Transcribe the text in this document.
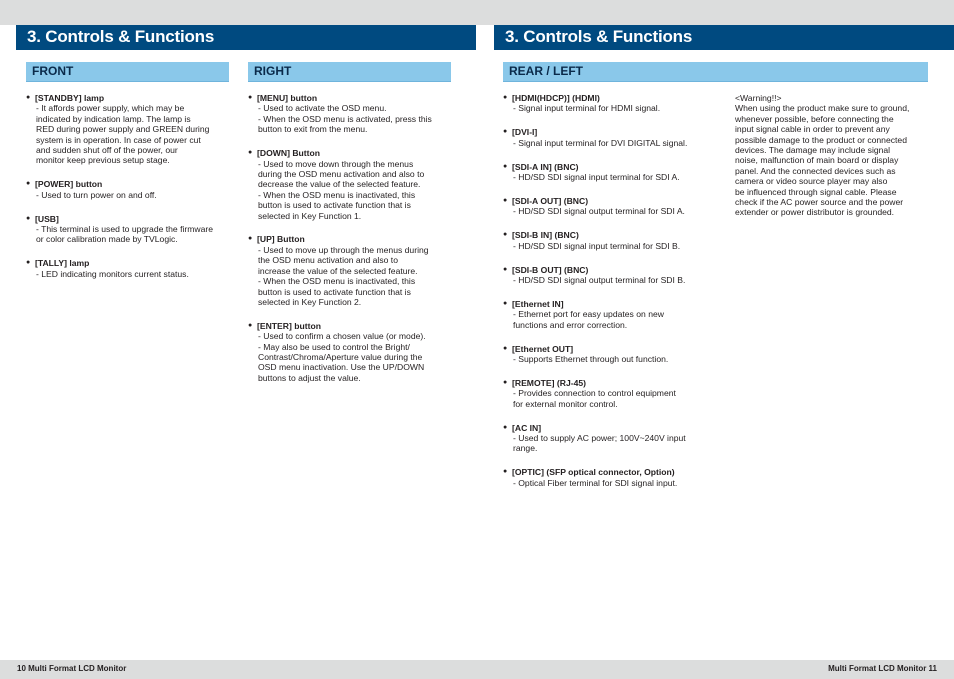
3. Controls & Functions	3. Controls & Functions
FRONT	RIGHT	REAR / LEFT
● [STANDBY] lamp
- It affords power supply, which may be
indicated by indication lamp. The lamp is
RED during power supply and GREEN during
system is in operation. In case of power cut
and sudden shut off of the power, our
monitor keep previous setup stage.
● [POWER] button
- Used to turn power on and off.
● [USB]
- This terminal is used to upgrade the firmware
or color calibration made by TVLogic.
● [TALLY] lamp
- LED indicating monitors current status.
● [MENU] button
- Used to activate the OSD menu.
- When the OSD menu is activated, press this
button to exit from the menu.
● [DOWN] Button
- Used to move down through the menus
during the OSD menu activation and also to
decrease the value of the selected feature.
- When the OSD menu is inactivated, this
button is used to activate function that is
selected in Key Function 1.
● [UP] Button
- Used to move up through the menus during
the OSD menu activation and also to
increase the value of the selected feature.
- When the OSD menu is inactivated, this
button is used to activate function that is
selected in Key Function 2.
● [ENTER] button
- Used to confirm a chosen value (or mode).
- May also be used to control the Bright/
Contrast/Chroma/Aperture value during the
OSD menu inactivation. Use the UP/DOWN
buttons to adjust the value.
● [HDMI(HDCP)] (HDMI)
- Signal input terminal for HDMI signal.
● [DVI-I]
- Signal input terminal for DVI DIGITAL signal.
● [SDI-A IN] (BNC)
- HD/SD SDI signal input terminal for SDI A.
● [SDI-A OUT] (BNC)
- HD/SD SDI signal output terminal for SDI A.
● [SDI-B IN] (BNC)
- HD/SD SDI signal input terminal for SDI B.
● [SDI-B OUT] (BNC)
- HD/SD SDI signal output terminal for SDI B.
● [Ethernet IN]
- Ethernet port for easy updates on new
functions and error correction.
● [Ethernet OUT]
- Supports Ethernet through out function.
● [REMOTE] (RJ-45)
- Provides connection to control equipment
for external monitor control.
● [AC IN]
- Used to supply AC power; 100V~240V input
range.
● [OPTIC] (SFP optical connector, Option)
- Optical Fiber terminal for SDI signal input.
<Warning!!>
When using the product make sure to ground,
whenever possible, before connecting the
input signal cable in order to prevent any
possible damage to the product or connected
devices. The damage may include signal
noise, malfunction of main board or display
panel. And the connected devices such as
camera or video source player may also
be influenced through signal cable. Please
check if the AC power source and the power
extender or power distributor is grounded.
10 Multi Format LCD Monitor	Multi Format LCD Monitor 11
